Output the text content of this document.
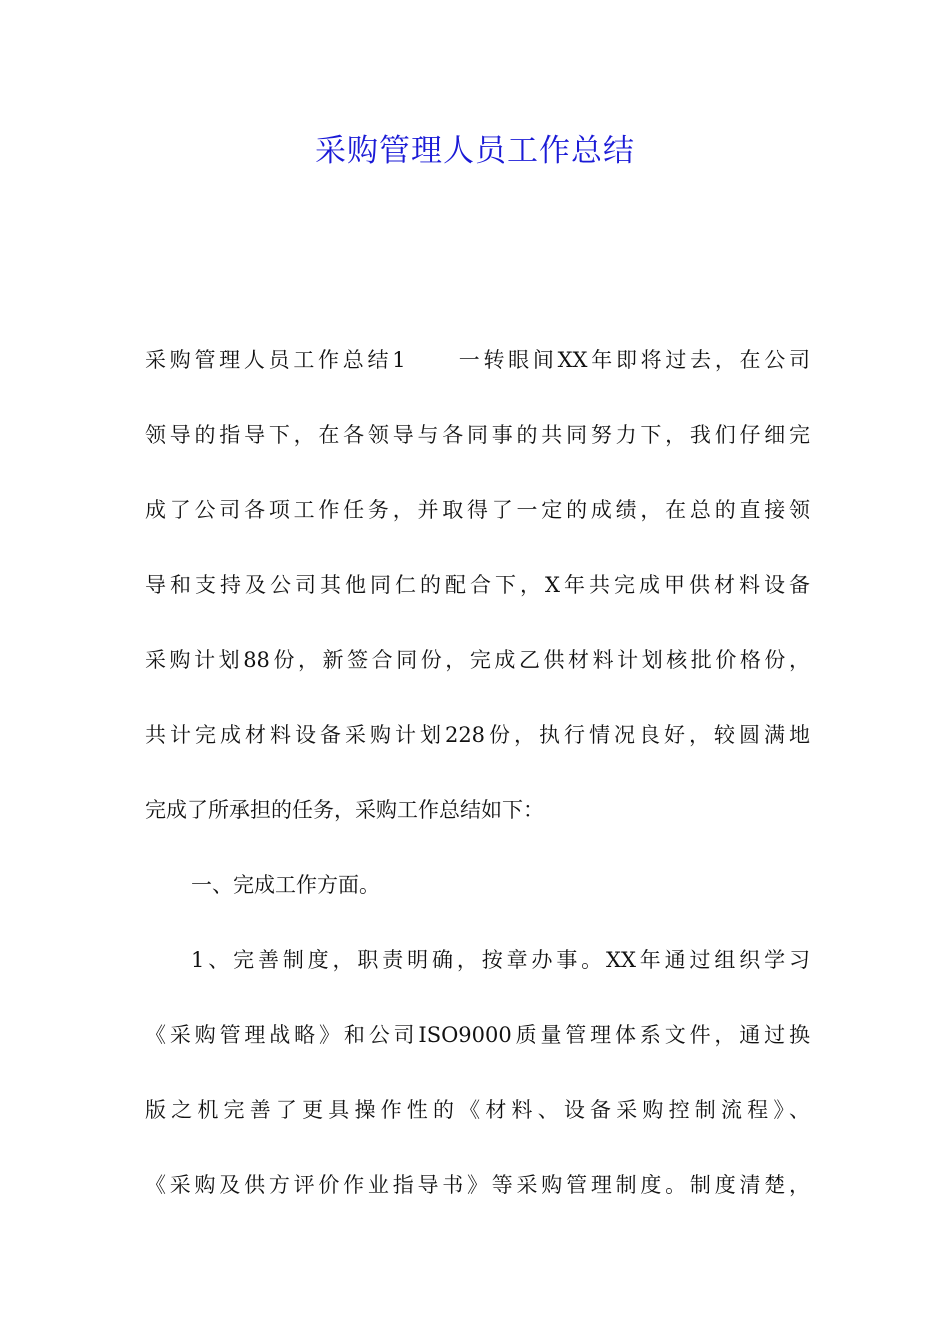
采购管理人员工作总结
采购管理人员工作总结1　　一转眼间XX年即将过去，在公司
领导的指导下，在各领导与各同事的共同努力下，我们仔细完
成了公司各项工作任务，并取得了一定的成绩，在总的直接领
导和支持及公司其他同仁的配合下，X年共完成甲供材料设备
采购计划88份，新签合同份，完成乙供材料计划核批价格份，
共计完成材料设备采购计划228份，执行情况良好，较圆满地
完成了所承担的任务，采购工作总结如下：
一、完成工作方面。
1、完善制度，职责明确，按章办事。XX年通过组织学习
《采购管理战略》和公司ISO9000质量管理体系文件，通过换
版之机完善了更具操作性的《材料、设备采购控制流程》、
《采购及供方评价作业指导书》等采购管理制度。制度清楚，
